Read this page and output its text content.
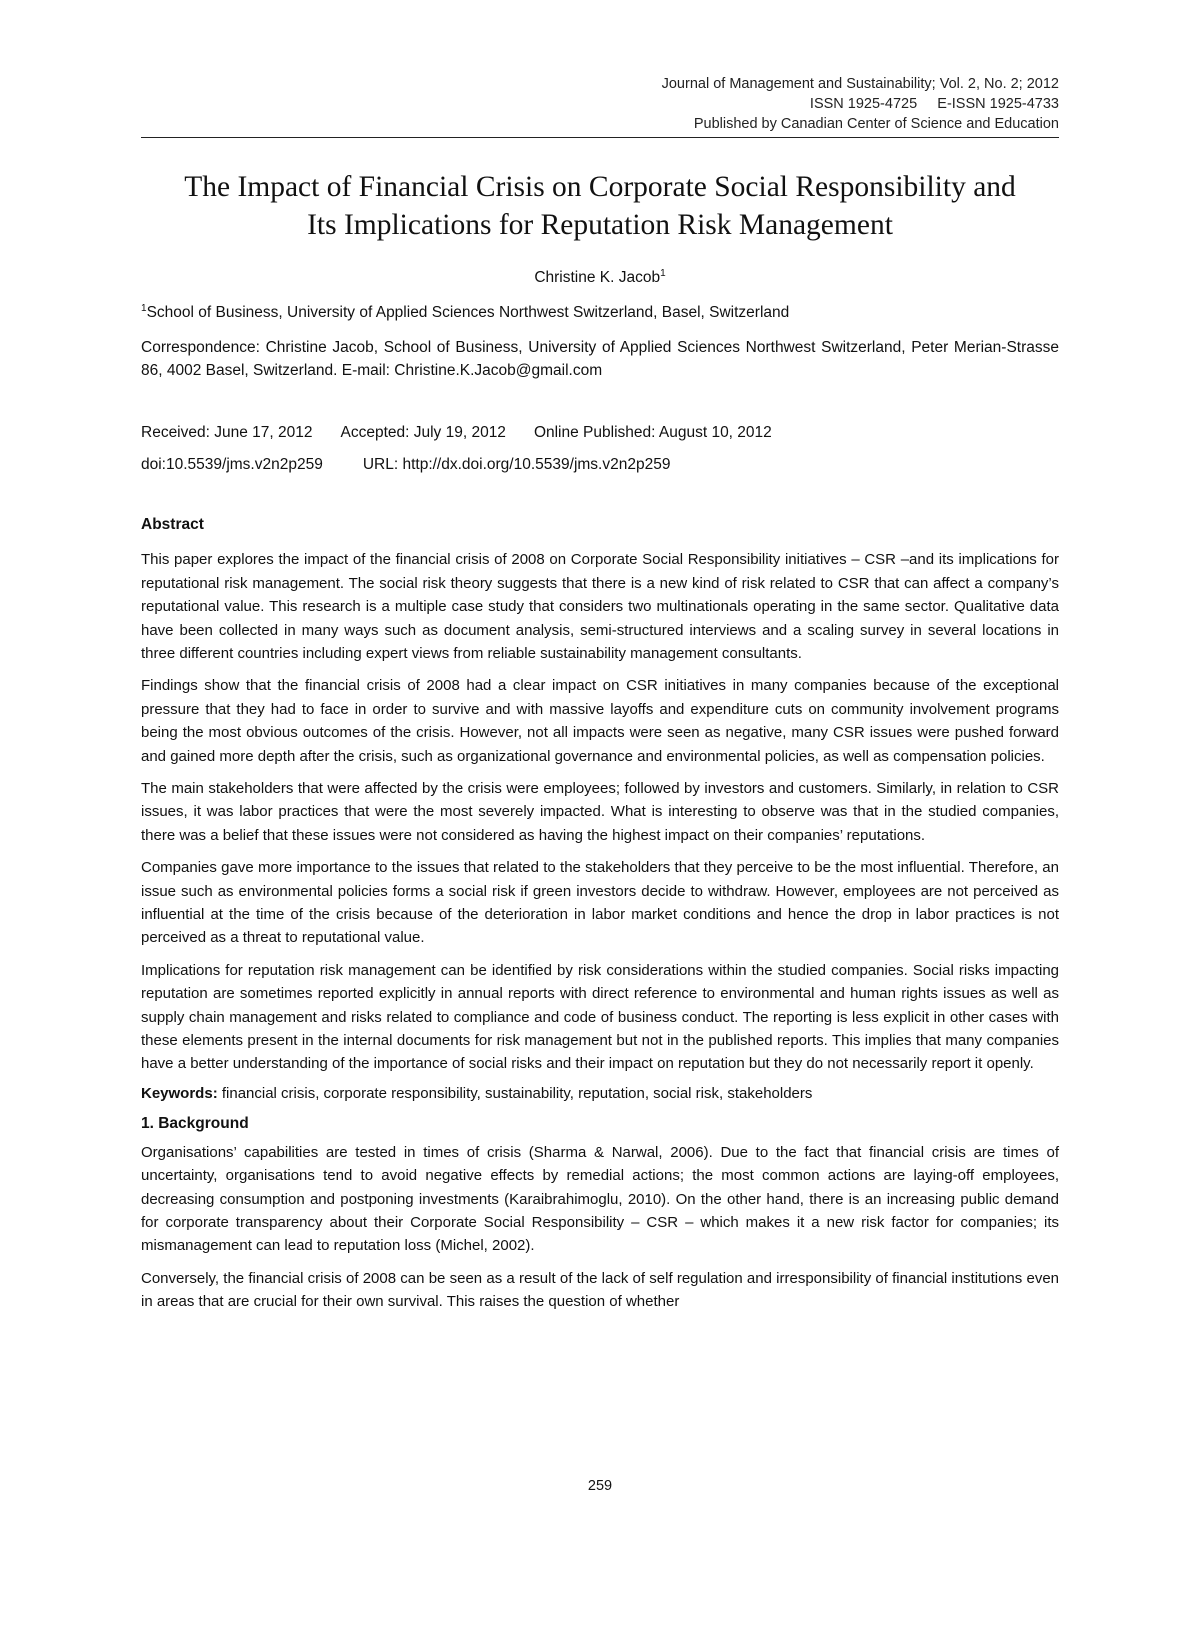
Journal of Management and Sustainability; Vol. 2, No. 2; 2012
ISSN 1925-4725     E-ISSN 1925-4733
Published by Canadian Center of Science and Education
The Impact of Financial Crisis on Corporate Social Responsibility and
Its Implications for Reputation Risk Management
Christine K. Jacob$^1$
$^1$School of Business, University of Applied Sciences Northwest Switzerland, Basel, Switzerland
Correspondence: Christine Jacob, School of Business, University of Applied Sciences Northwest Switzerland, Peter Merian-Strasse 86, 4002 Basel, Switzerland. E-mail: Christine.K.Jacob@gmail.com
Received: June 17, 2012 Accepted: July 19, 2012 Online Published: August 10, 2012
doi:10.5539/jms.v2n2p259	URL: http://dx.doi.org/10.5539/jms.v2n2p259
Abstract
This paper explores the impact of the financial crisis of 2008 on Corporate Social Responsibility initiatives – CSR –and its implications for reputational risk management. The social risk theory suggests that there is a new kind of risk related to CSR that can affect a company’s reputational value. This research is a multiple case study that considers two multinationals operating in the same sector. Qualitative data have been collected in many ways such as document analysis, semi-structured interviews and a scaling survey in several locations in three different countries including expert views from reliable sustainability management consultants.
Findings show that the financial crisis of 2008 had a clear impact on CSR initiatives in many companies because of the exceptional pressure that they had to face in order to survive and with massive layoffs and expenditure cuts on community involvement programs being the most obvious outcomes of the crisis. However, not all impacts were seen as negative, many CSR issues were pushed forward and gained more depth after the crisis, such as organizational governance and environmental policies, as well as compensation policies.
The main stakeholders that were affected by the crisis were employees; followed by investors and customers. Similarly, in relation to CSR issues, it was labor practices that were the most severely impacted. What is interesting to observe was that in the studied companies, there was a belief that these issues were not considered as having the highest impact on their companies’ reputations.
Companies gave more importance to the issues that related to the stakeholders that they perceive to be the most influential. Therefore, an issue such as environmental policies forms a social risk if green investors decide to withdraw. However, employees are not perceived as influential at the time of the crisis because of the deterioration in labor market conditions and hence the drop in labor practices is not perceived as a threat to reputational value.
Implications for reputation risk management can be identified by risk considerations within the studied companies. Social risks impacting reputation are sometimes reported explicitly in annual reports with direct reference to environmental and human rights issues as well as supply chain management and risks related to compliance and code of business conduct. The reporting is less explicit in other cases with these elements present in the internal documents for risk management but not in the published reports. This implies that many companies have a better understanding of the importance of social risks and their impact on reputation but they do not necessarily report it openly.
Keywords: financial crisis, corporate responsibility, sustainability, reputation, social risk, stakeholders
1. Background
Organisations’ capabilities are tested in times of crisis (Sharma & Narwal, 2006). Due to the fact that financial crisis are times of uncertainty, organisations tend to avoid negative effects by remedial actions; the most common actions are laying-off employees, decreasing consumption and postponing investments (Karaibrahimoglu, 2010). On the other hand, there is an increasing public demand for corporate transparency about their Corporate Social Responsibility – CSR – which makes it a new risk factor for companies; its mismanagement can lead to reputation loss (Michel, 2002).
Conversely, the financial crisis of 2008 can be seen as a result of the lack of self regulation and irresponsibility of financial institutions even in areas that are crucial for their own survival. This raises the question of whether
259
